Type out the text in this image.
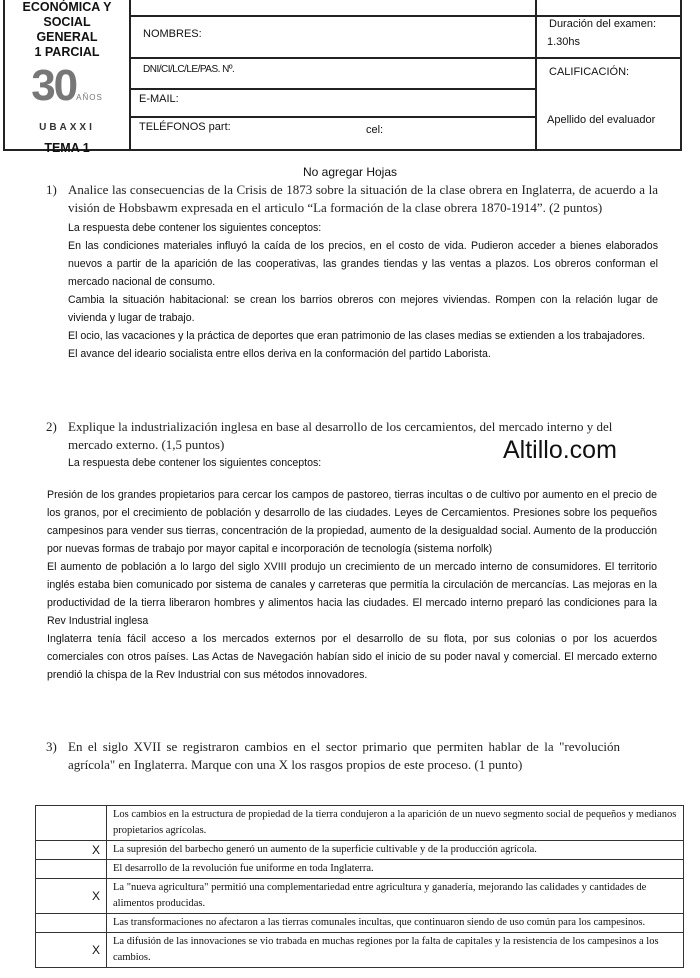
ECONÓMICA Y
SOCIAL
GENERAL
1 PARCIAL
30AÑOS
UBAXXI
TEMA 1
NOMBRES:
DNI/CI/LC/LE/PAS. Nº.
E-MAIL:
TELÉFONOS part:	cel:
Duración del examen:
1.30hs
CALIFICACIÓN:
Apellido del evaluador
No agregar Hojas
1) Analice las consecuencias de la Crisis de 1873 sobre la situación de la clase obrera en Inglaterra, de acuerdo a la visión de Hobsbawm expresada en el articulo “La formación de la clase obrera 1870-1914”. (2 puntos)

La respuesta debe contener los siguientes conceptos:

En las condiciones materiales influyó la caída de los precios, en el costo de vida. Pudieron acceder a bienes elaborados nuevos a partir de la aparición de las cooperativas, las grandes tiendas y las ventas a plazos. Los obreros conforman el mercado nacional de consumo.

Cambia la situación habitacional: se crean los barrios obreros con mejores viviendas. Rompen con la relación lugar de vivienda y lugar de trabajo.

El ocio, las vacaciones y la práctica de deportes que eran patrimonio de las clases medias se extienden a los trabajadores.

El avance del ideario socialista entre ellos deriva en la conformación del partido Laborista.

2) Explique la industrialización inglesa en base al desarrollo de los cercamientos, del mercado interno y del mercado externo. (1,5 puntos)

La respuesta debe contener los siguientes conceptos:

Presión de los grandes propietarios para cercar los campos de pastoreo, tierras incultas o de cultivo por aumento en el precio de los granos, por el crecimiento de población y desarrollo de las ciudades. Leyes de Cercamientos. Presiones sobre los pequeños campesinos para vender sus tierras, concentración de la propiedad, aumento de la desigualdad social. Aumento de la producción por nuevas formas de trabajo por mayor capital e incorporación de tecnología (sistema norfolk)

El aumento de población a lo largo del siglo XVIII produjo un crecimiento de un mercado interno de consumidores. El territorio inglés estaba bien comunicado por sistema de canales y carreteras que permitía la circulación de mercancías. Las mejoras en la productividad de la tierra liberaron hombres y alimentos hacia las ciudades. El mercado interno preparó las condiciones para la Rev Industrial inglesa

Inglaterra tenía fácil acceso a los mercados externos por el desarrollo de su flota, por sus colonias o por los acuerdos comerciales con otros países. Las Actas de Navegación habían sido el inicio de su poder naval y comercial. El mercado externo prendió la chispa de la Rev Industrial con sus métodos innovadores.

Altillo.com
3) En el siglo XVII se registraron cambios en el sector primario que permiten hablar de la "revolución agrícola" en Inglaterra. Marque con una X los rasgos propios de este proceso. (1 punto)
	Los cambios en la estructura de propiedad de la tierra condujeron a la aparición de un nuevo segmento social de pequeños y medianos propietarios agrícolas.
X	La supresión del barbecho generó un aumento de la superficie cultivable y de la producción agrícola.
	El desarrollo de la revolución fue uniforme en toda Inglaterra.
X	La "nueva agricultura" permitió una complementariedad entre agricultura y ganadería, mejorando las calidades y cantidades de alimentos producidas.
	Las transformaciones no afectaron a las tierras comunales incultas, que continuaron siendo de uso común para los campesinos.
X	La difusión de las innovaciones se vio trabada en muchas regiones por la falta de capitales y la resistencia de los campesinos a los cambios.
